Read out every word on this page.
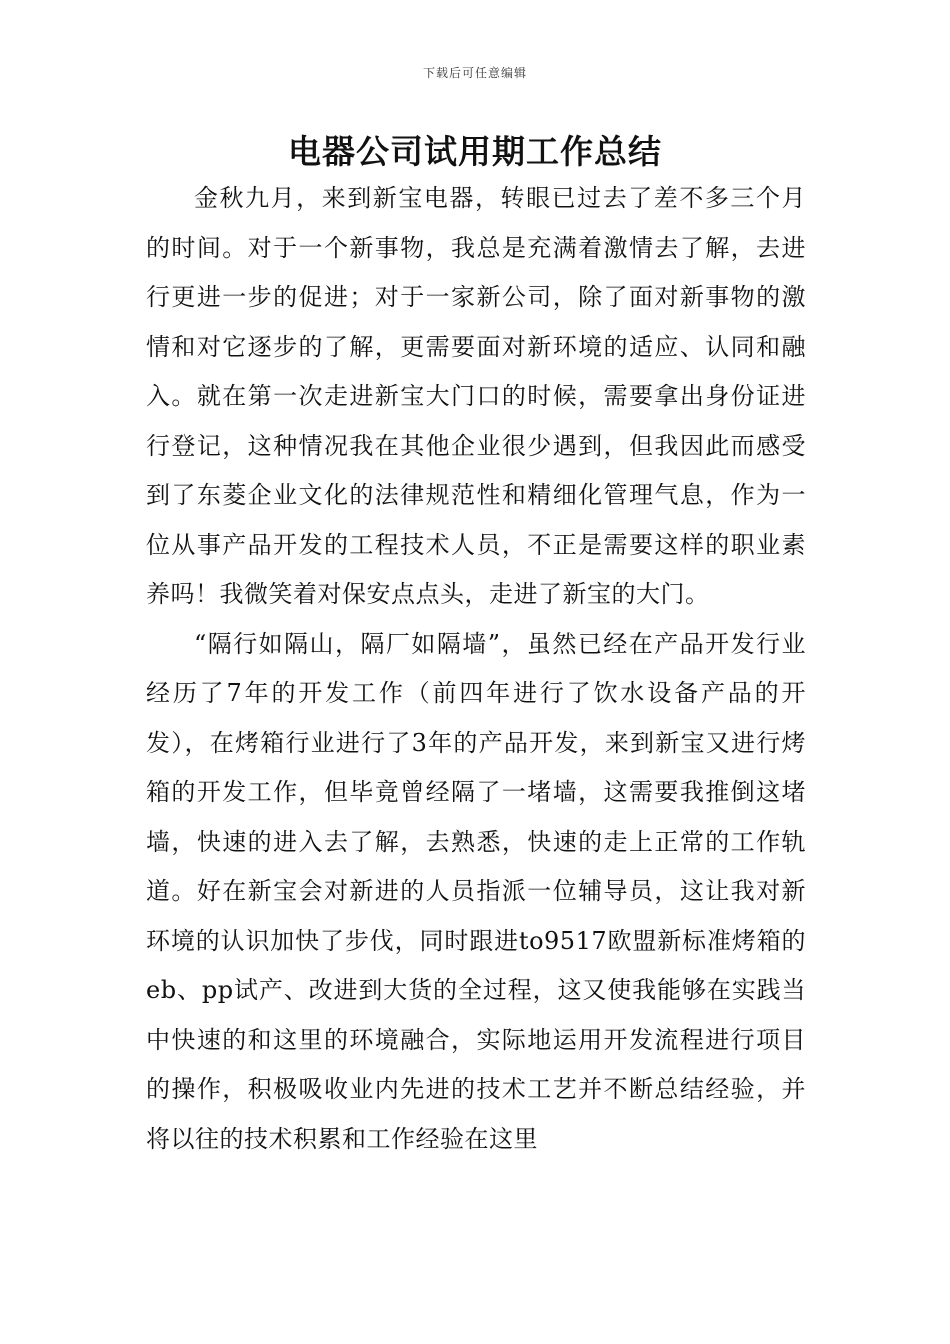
下载后可任意编辑
电器公司试用期工作总结

金秋九月，来到新宝电器，转眼已过去了差不多三个月的时间。对于一个新事物，我总是充满着激情去了解，去进行更进一步的促进；对于一家新公司，除了面对新事物的激情和对它逐步的了解，更需要面对新环境的适应、认同和融入。就在第一次走进新宝大门口的时候，需要拿出身份证进行登记，这种情况我在其他企业很少遇到，但我因此而感受到了东菱企业文化的法律规范性和精细化管理气息，作为一位从事产品开发的工程技术人员，不正是需要这样的职业素养吗！我微笑着对保安点点头，走进了新宝的大门。

“隔行如隔山，隔厂如隔墙”，虽然已经在产品开发行业经历了7年的开发工作（前四年进行了饮水设备产品的开发），在烤箱行业进行了3年的产品开发，来到新宝又进行烤箱的开发工作，但毕竟曾经隔了一堵墙，这需要我推倒这堵墙，快速的进入去了解，去熟悉，快速的走上正常的工作轨道。好在新宝会对新进的人员指派一位辅导员，这让我对新环境的认识加快了步伐，同时跟进to9517欧盟新标准烤箱的eb、pp试产、改进到大货的全过程，这又使我能够在实践当中快速的和这里的环境融合，实际地运用开发流程进行项目的操作，积极吸收业内先进的技术工艺并不断总结经验，并将以往的技术积累和工作经验在这里
